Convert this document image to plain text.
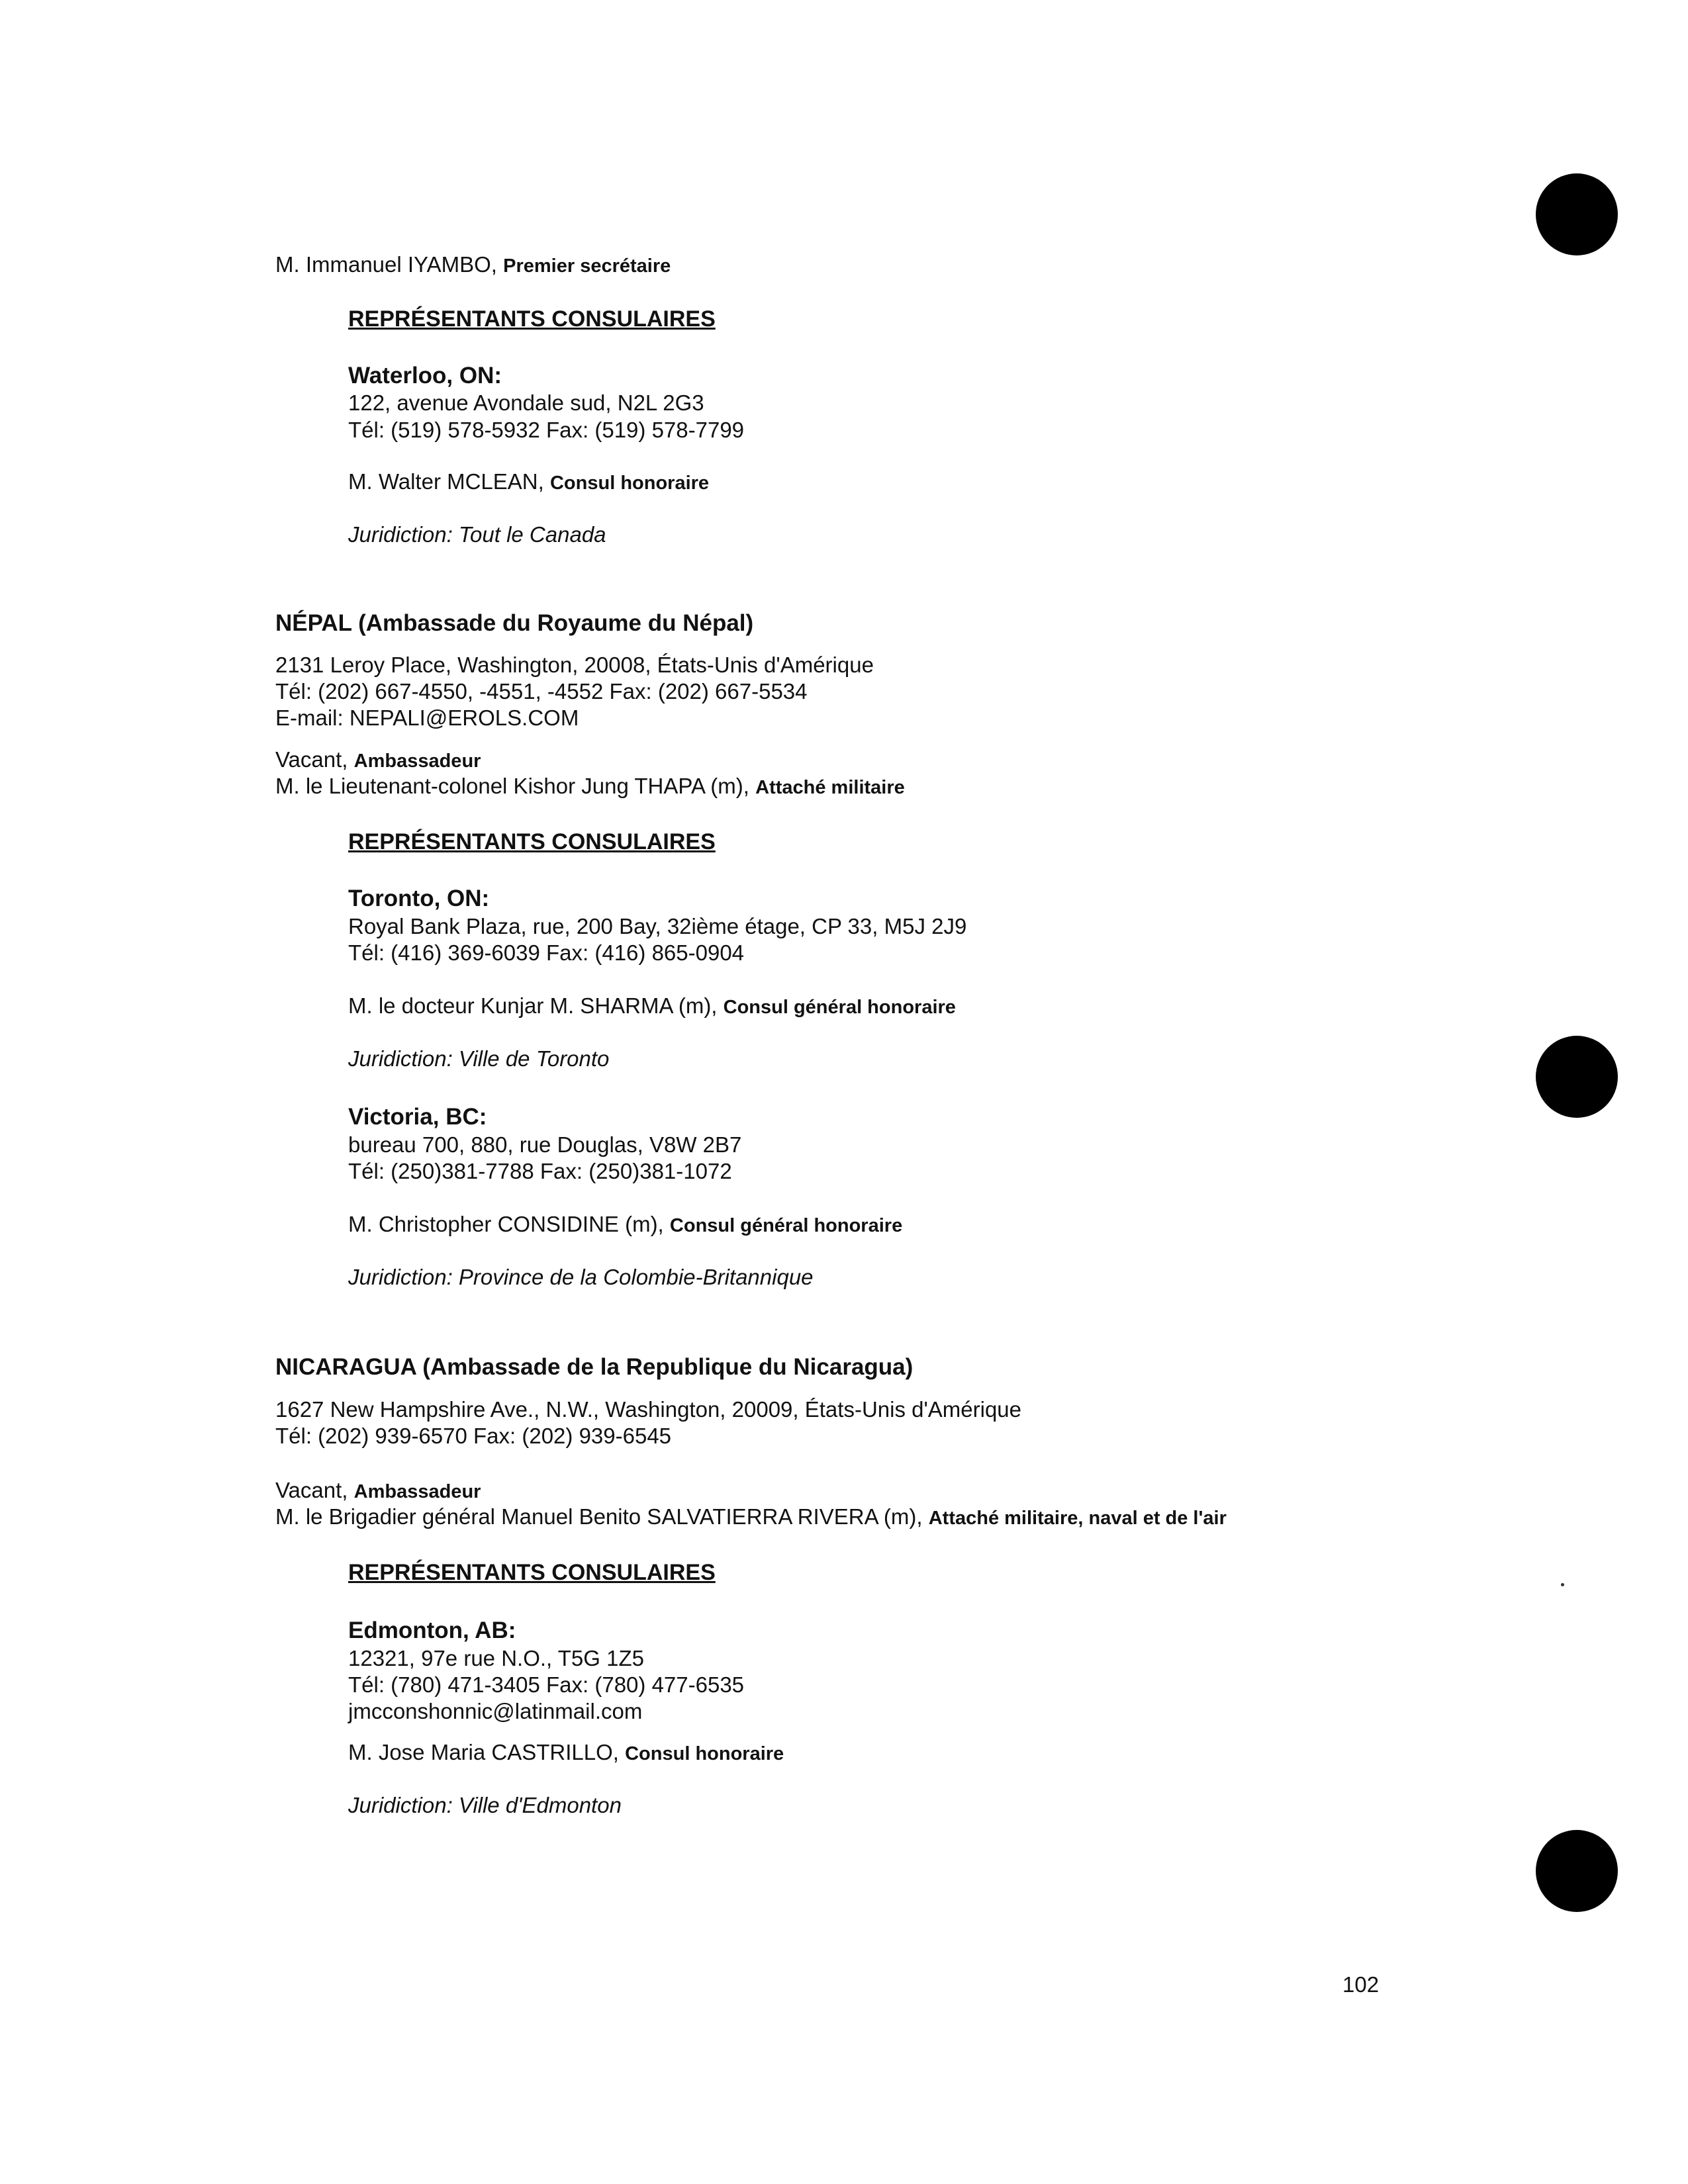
M. Immanuel IYAMBO, Premier secrétaire
REPRÉSENTANTS CONSULAIRES
Waterloo, ON:
122, avenue Avondale sud, N2L 2G3
Tél: (519) 578-5932 Fax: (519) 578-7799
M. Walter MCLEAN, Consul honoraire
Juridiction: Tout le Canada
NÉPAL (Ambassade du Royaume du Népal)
2131 Leroy Place, Washington, 20008, États-Unis d'Amérique
Tél: (202) 667-4550, -4551, -4552 Fax: (202) 667-5534
E-mail: NEPALI@EROLS.COM
Vacant, Ambassadeur
M. le Lieutenant-colonel Kishor Jung THAPA (m), Attaché militaire
REPRÉSENTANTS CONSULAIRES
Toronto, ON:
Royal Bank Plaza, rue, 200 Bay, 32ième étage, CP 33, M5J 2J9
Tél: (416) 369-6039 Fax: (416) 865-0904
M. le docteur Kunjar M. SHARMA (m), Consul général honoraire
Juridiction: Ville de Toronto
Victoria, BC:
bureau 700, 880, rue Douglas, V8W 2B7
Tél: (250)381-7788 Fax: (250)381-1072
M. Christopher CONSIDINE (m), Consul général honoraire
Juridiction: Province de la Colombie-Britannique
NICARAGUA (Ambassade de la Republique du Nicaragua)
1627 New Hampshire Ave., N.W., Washington, 20009, États-Unis d'Amérique
Tél: (202) 939-6570 Fax: (202) 939-6545
Vacant, Ambassadeur
M. le Brigadier général Manuel Benito SALVATIERRA RIVERA (m), Attaché militaire, naval et de l'air
REPRÉSENTANTS CONSULAIRES
Edmonton, AB:
12321, 97e rue N.O., T5G 1Z5
Tél: (780) 471-3405 Fax: (780) 477-6535
jmcconshonnic@latinmail.com
M. Jose Maria CASTRILLO, Consul honoraire
Juridiction: Ville d'Edmonton
102
